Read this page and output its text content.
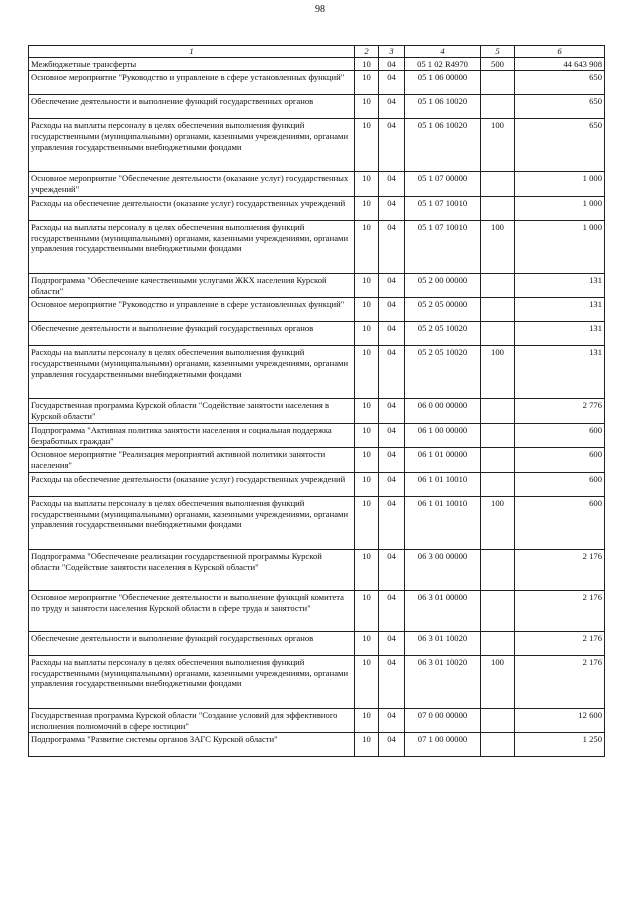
98
1	2	3	4	5	6
Межбюджетные трансферты	10	04	05 1 02 R4970	500	44 643 908
Основное мероприятие "Руководство и управление в сфере установленных функций"	10	04	05 1 06 00000		650
Обеспечение деятельности и выполнение функций государственных органов	10	04	05 1 06 10020		650
Расходы на выплаты персоналу в целях обеспечения выполнения функций государственными (муниципальными) органами, казенными учреждениями, органами управления государственными внебюджетными фондами	10	04	05 1 06 10020	100	650
Основное мероприятие "Обеспечение деятельности (оказание услуг) государственных учреждений"	10	04	05 1 07 00000		1 000
Расходы на обеспечение деятельности (оказание услуг) государственных учреждений	10	04	05 1 07 10010		1 000
Расходы на выплаты персоналу в целях обеспечения выполнения функций государственными (муниципальными) органами, казенными учреждениями, органами управления государственными внебюджетными фондами	10	04	05 1 07 10010	100	1 000
Подпрограмма "Обеспечение качественными услугами ЖКХ населения Курской области"	10	04	05 2 00 00000		131
Основное мероприятие "Руководство и управление в сфере установленных функций"	10	04	05 2 05 00000		131
Обеспечение деятельности и выполнение функций государственных органов	10	04	05 2 05 10020		131
Расходы на выплаты персоналу в целях обеспечения выполнения функций государственными (муниципальными) органами, казенными учреждениями, органами управления государственными внебюджетными фондами	10	04	05 2 05 10020	100	131
Государственная программа Курской области "Содействие занятости населения в Курской области"	10	04	06 0 00 00000		2 776
Подпрограмма "Активная политика занятости населения и социальная поддержка безработных граждан"	10	04	06 1 00 00000		600
Основное мероприятие "Реализация мероприятий активной политики занятости населения"	10	04	06 1 01 00000		600
Расходы на обеспечение деятельности (оказание услуг) государственных учреждений	10	04	06 1 01 10010		600
Расходы на выплаты персоналу в целях обеспечения выполнения функций государственными (муниципальными) органами, казенными учреждениями, органами управления государственными внебюджетными фондами	10	04	06 1 01 10010	100	600
Подпрограмма "Обеспечение реализации государственной программы Курской области "Содействие занятости населения в Курской области"	10	04	06 3 00 00000		2 176
Основное мероприятие "Обеспечение деятельности и выполнение функций комитета по труду и занятости населения Курской области в сфере труда и занятости"	10	04	06 3 01 00000		2 176
Обеспечение деятельности и выполнение функций государственных органов	10	04	06 3 01 10020		2 176
Расходы на выплаты персоналу в целях обеспечения выполнения функций государственными (муниципальными) органами, казенными учреждениями, органами управления государственными внебюджетными фондами	10	04	06 3 01 10020	100	2 176
Государственная программа Курской области "Создание условий для эффективного исполнения полномочий в сфере юстиции"	10	04	07 0 00 00000		12 600
Подпрограмма "Развитие системы органов ЗАГС Курской области"	10	04	07 1 00 00000		1 250
